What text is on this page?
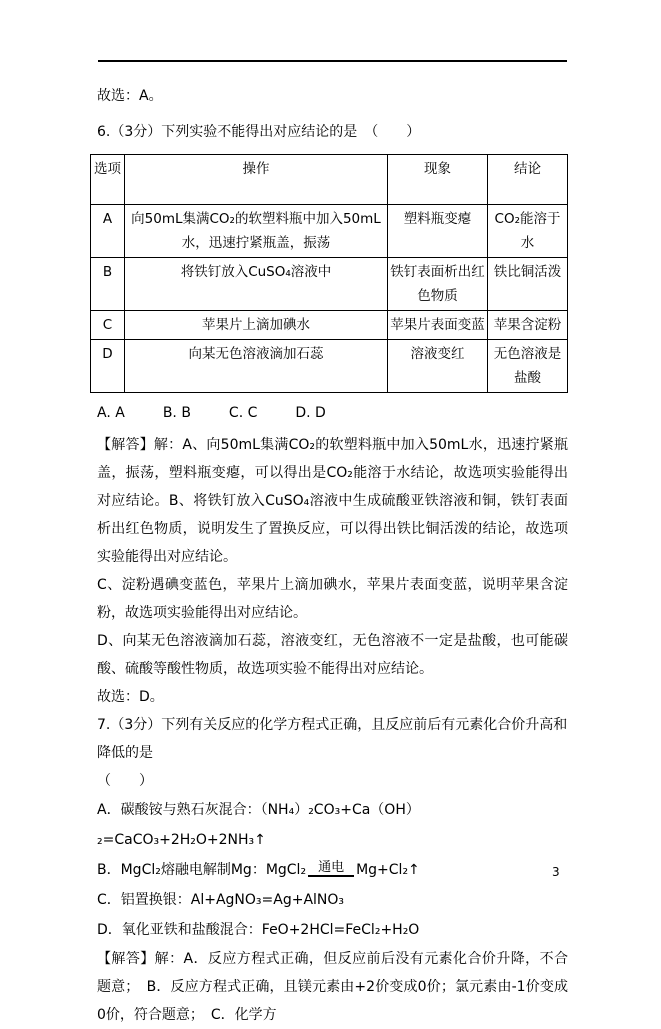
故选：A。

6.（3分）下列实验不能得出对应结论的是　（　　）

选项	操作	现象	结论
A	向50mL集满CO₂的软塑料瓶中加入50mL水，迅速拧紧瓶盖，振荡	塑料瓶变瘪	CO₂能溶于水
B	将铁钉放入CuSO₄溶液中	铁钉表面析出红色物质	铁比铜活泼
C	苹果片上滴加碘水	苹果片表面变蓝	苹果含淀粉
D	向某无色溶液滴加石蕊	溶液变红	无色溶液是盐酸
A. A	B. B	C. C	D. D

【解答】解：A、向50mL集满CO₂的软塑料瓶中加入50mL水，迅速拧紧瓶盖，振荡，塑料瓶变瘪，可以得出是CO₂能溶于水结论，故选项实验能得出对应结论。B、将铁钉放入CuSO₄溶液中生成硫酸亚铁溶液和铜，铁钉表面析出红色物质，说明发生了置换反应，可以得出铁比铜活泼的结论，故选项实验能得出对应结论。

C、淀粉遇碘变蓝色，苹果片上滴加碘水，苹果片表面变蓝，说明苹果含淀粉，故选项实验能得出对应结论。

D、向某无色溶液滴加石蕊，溶液变红，无色溶液不一定是盐酸，也可能碳酸、硫酸等酸性物质，故选项实验不能得出对应结论。

故选：D。

7.（3分）下列有关反应的化学方程式正确，且反应前后有元素化合价升高和降低的是

（　　）

A．碳酸铵与熟石灰混合：（NH₄）₂CO₃+Ca（OH）₂=CaCO₃+2H₂O+2NH₃↑

B．MgCl₂熔融电解制Mg：MgCl₂ 通电 Mg+Cl₂↑

C．铝置换银：Al+AgNO₃=Ag+AlNO₃

D．氧化亚铁和盐酸混合：FeO+2HCl=FeCl₂+H₂O

【解答】解：A．反应方程式正确，但反应前后没有元素化合价升降，不合题意；　B．反应方程式正确，且镁元素由+2价变成0价；氯元素由-1价变成0价，符合题意；　C．化学方

3
